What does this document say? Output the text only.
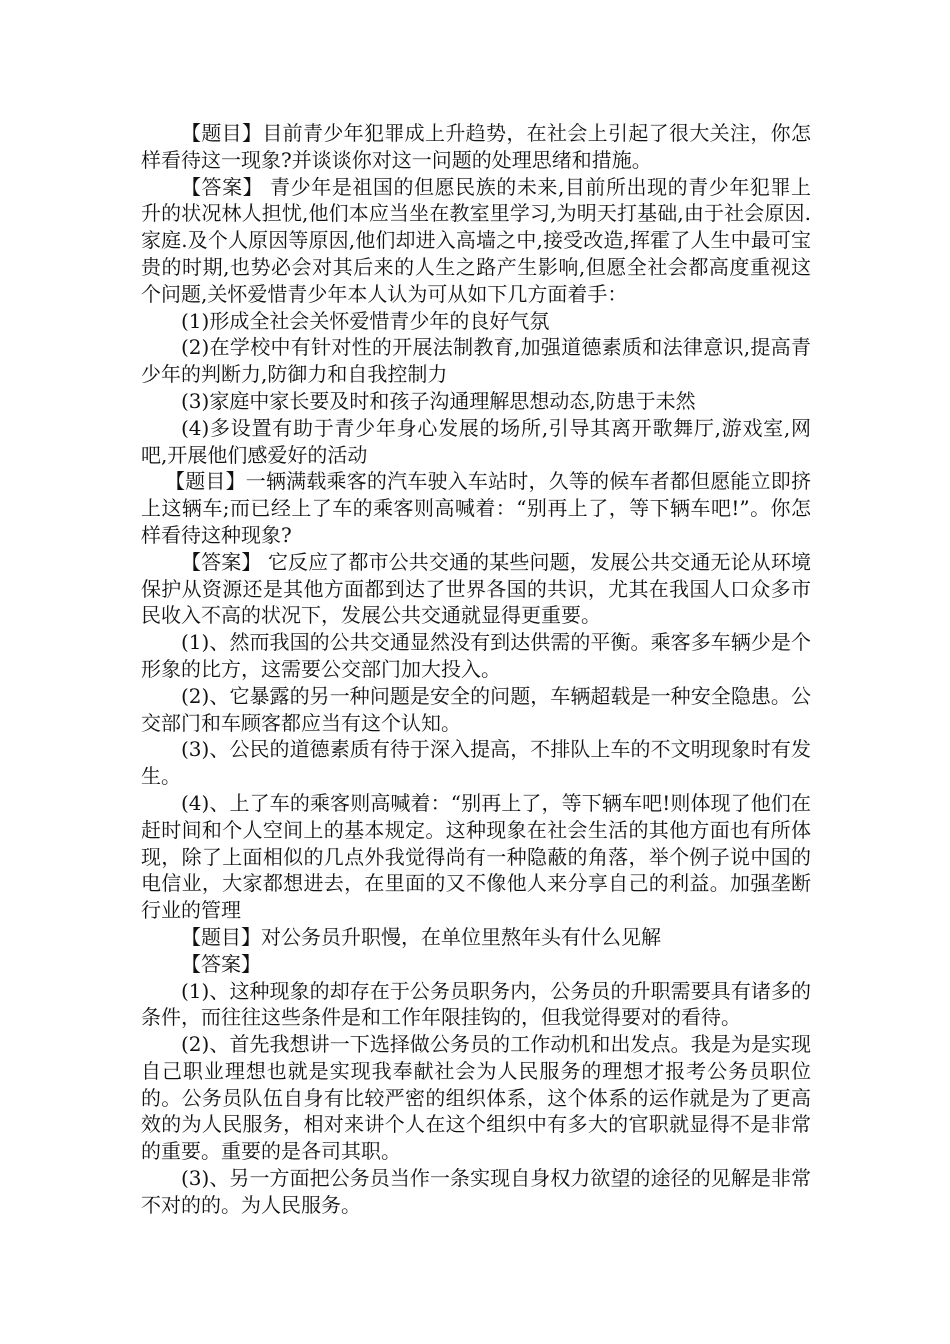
【题目】目前青少年犯罪成上升趋势，在社会上引起了很大关注，你怎样看待这一现象?并谈谈你对这一问题的处理思绪和措施。

【答案】 青少年是祖国的但愿民族的未来,目前所出现的青少年犯罪上升的状况林人担忧,他们本应当坐在教室里学习,为明天打基础,由于社会原因.家庭.及个人原因等原因,他们却进入高墙之中,接受改造,挥霍了人生中最可宝贵的时期,也势必会对其后来的人生之路产生影响,但愿全社会都高度重视这个问题,关怀爱惜青少年本人认为可从如下几方面着手：

(1)形成全社会关怀爱惜青少年的良好气氛

(2)在学校中有针对性的开展法制教育,加强道德素质和法律意识,提高青少年的判断力,防御力和自我控制力

(3)家庭中家长要及时和孩子沟通理解思想动态,防患于未然

(4)多设置有助于青少年身心发展的场所,引导其离开歌舞厅,游戏室,网吧,开展他们感爱好的活动

【题目】一辆满载乘客的汽车驶入车站时，久等的候车者都但愿能立即挤上这辆车;而已经上了车的乘客则高喊着：“别再上了，等下辆车吧!”。你怎样看待这种现象?

【答案】 它反应了都市公共交通的某些问题，发展公共交通无论从环境保护从资源还是其他方面都到达了世界各国的共识，尤其在我国人口众多市民收入不高的状况下，发展公共交通就显得更重要。

(1)、然而我国的公共交通显然没有到达供需的平衡。乘客多车辆少是个形象的比方，这需要公交部门加大投入。

(2)、它暴露的另一种问题是安全的问题，车辆超载是一种安全隐患。公交部门和车顾客都应当有这个认知。

(3)、公民的道德素质有待于深入提高，不排队上车的不文明现象时有发生。

(4)、上了车的乘客则高喊着：“别再上了，等下辆车吧!则体现了他们在赶时间和个人空间上的基本规定。这种现象在社会生活的其他方面也有所体现，除了上面相似的几点外我觉得尚有一种隐蔽的角落，举个例子说中国的电信业，大家都想进去，在里面的又不像他人来分享自己的利益。加强垄断行业的管理

【题目】对公务员升职慢，在单位里熬年头有什么见解

【答案】

(1)、这种现象的却存在于公务员职务内，公务员的升职需要具有诸多的条件，而往往这些条件是和工作年限挂钩的，但我觉得要对的看待。

(2)、首先我想讲一下选择做公务员的工作动机和出发点。我是为是实现自己职业理想也就是实现我奉献社会为人民服务的理想才报考公务员职位的。公务员队伍自身有比较严密的组织体系，这个体系的运作就是为了更高效的为人民服务，相对来讲个人在这个组织中有多大的官职就显得不是非常的重要。重要的是各司其职。

(3)、另一方面把公务员当作一条实现自身权力欲望的途径的见解是非常不对的的。为人民服务。
